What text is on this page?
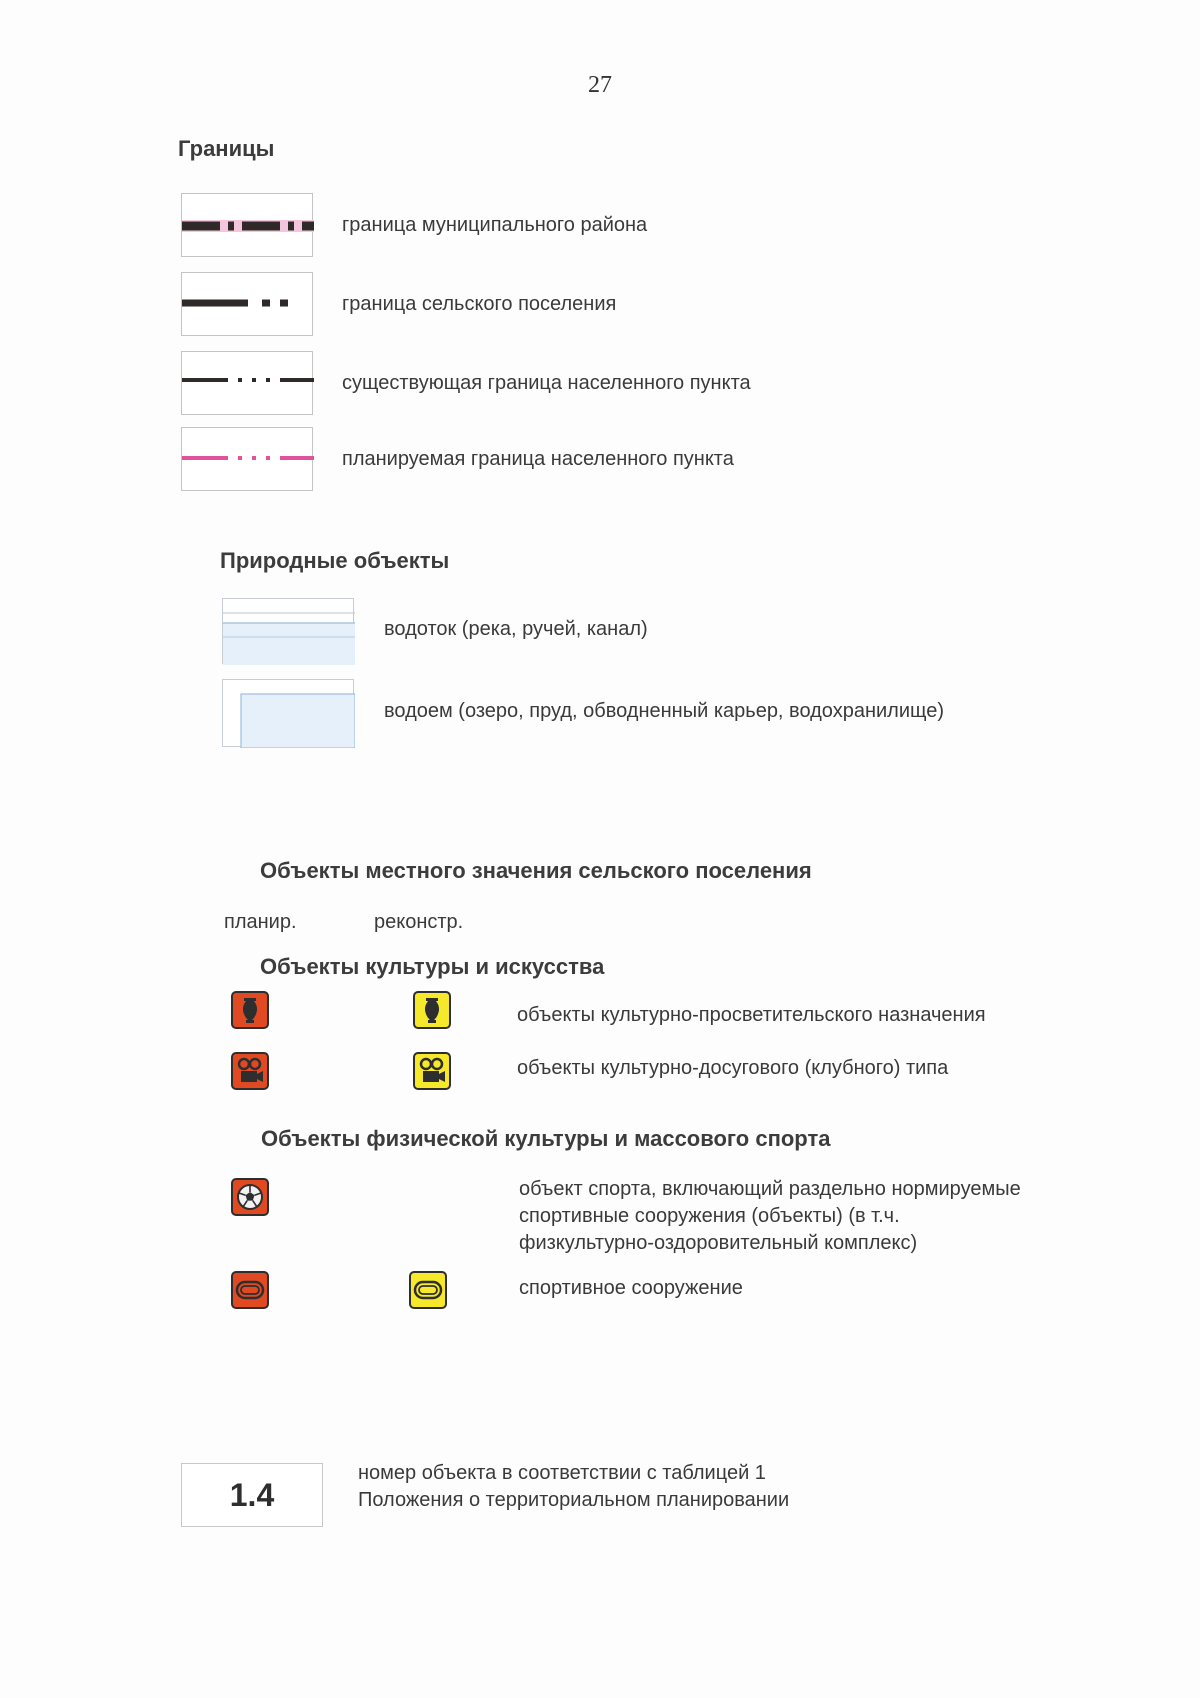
27
Границы
граница муниципального района
граница сельского поселения
существующая граница населенного пункта
планируемая граница населенного пункта
Природные объекты
водоток (река, ручей, канал)
водоем (озеро, пруд, обводненный карьер, водохранилище)
Объекты местного значения сельского поселения
планир.	реконстр.
Объекты культуры и искусства
объекты культурно-просветительского назначения
объекты культурно-досугового (клубного) типа
Объекты физической культуры и массового спорта
объект спорта, включающий раздельно нормируемые
спортивные сооружения (объекты) (в т.ч.
физкультурно-оздоровительный комплекс)
спортивное сооружение
1.4
номер объекта в соответствии с таблицей 1
Положения о территориальном планировании
